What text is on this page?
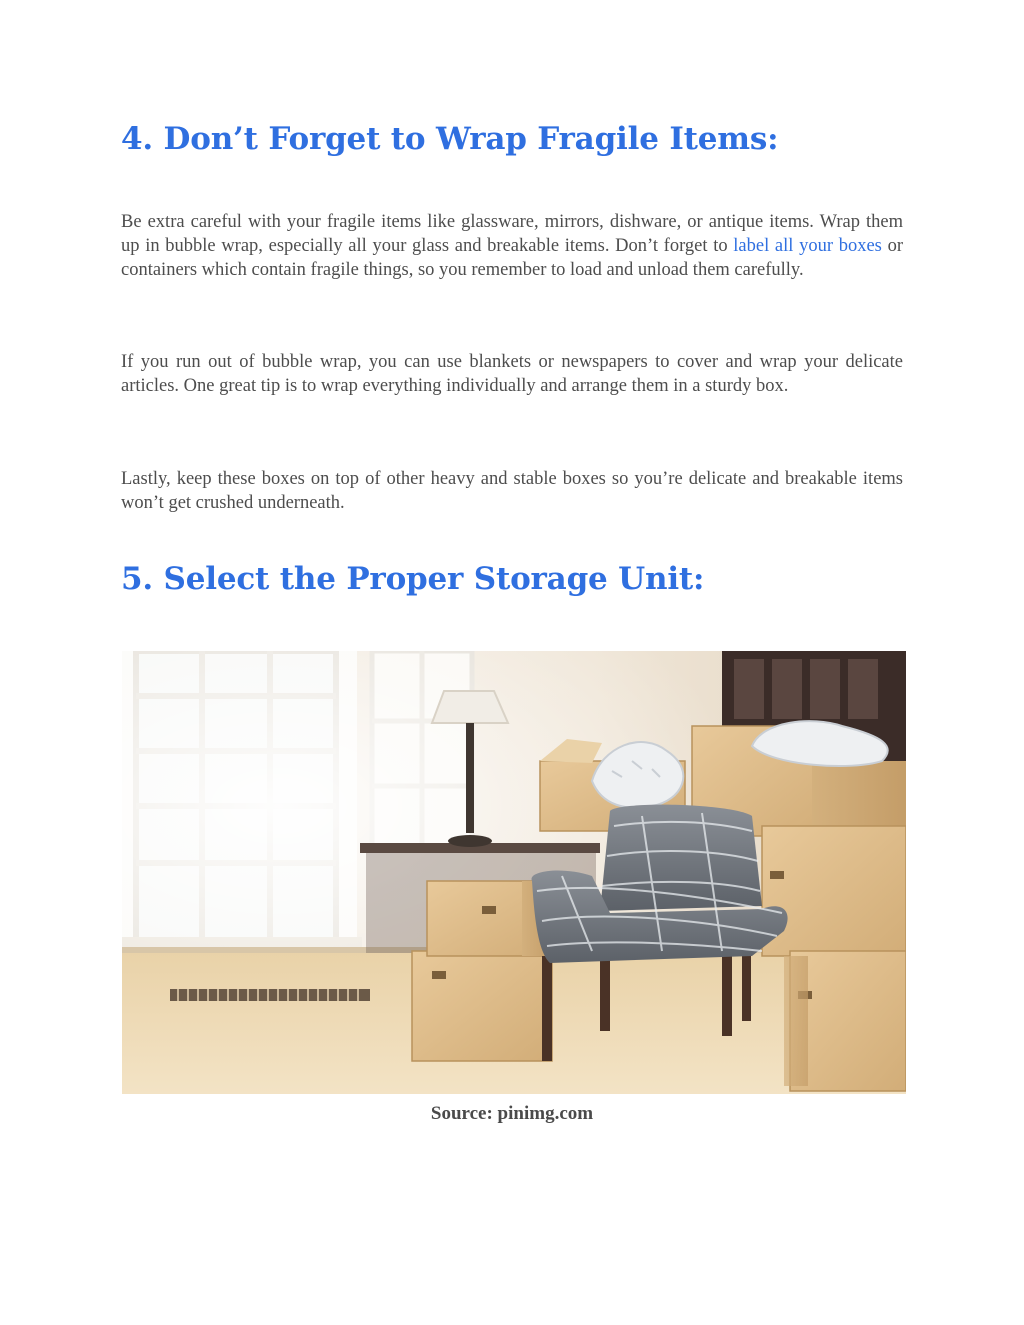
4. Don’t Forget to Wrap Fragile Items:

Be extra careful with your fragile items like glassware, mirrors, dishware, or antique items. Wrap them up in bubble wrap, especially all your glass and breakable items. Don’t forget to label all your boxes or containers which contain fragile things, so you remember to load and unload them carefully.

If you run out of bubble wrap, you can use blankets or newspapers to cover and wrap your delicate articles. One great tip is to wrap everything individually and arrange them in a sturdy box.

Lastly, keep these boxes on top of other heavy and stable boxes so you’re delicate and breakable items won’t get crushed underneath.

5. Select the Proper Storage Unit:

Source: pinimg.com
